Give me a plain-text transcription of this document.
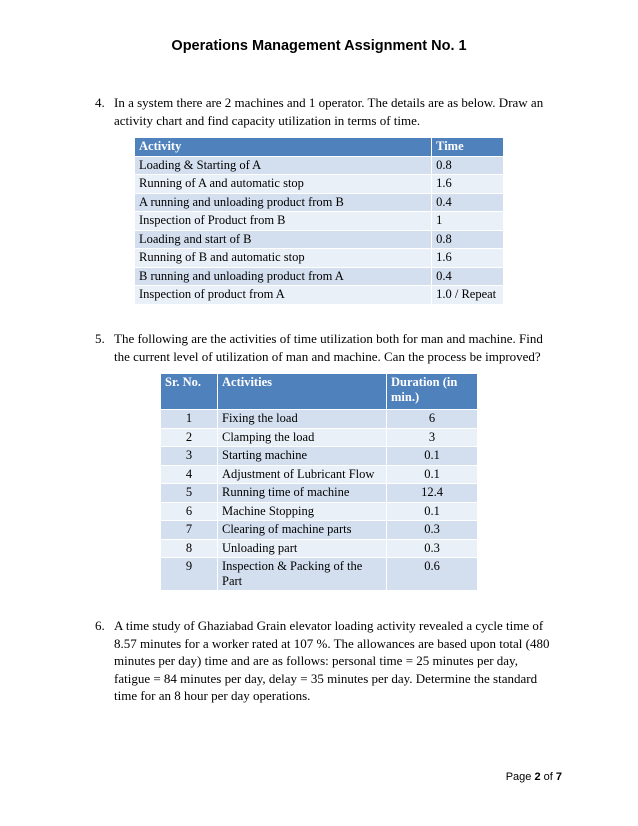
Operations Management Assignment No. 1
4. In a system there are 2 machines and 1 operator. The details are as below. Draw an activity chart and find capacity utilization in terms of time.
Activity	Time
Loading & Starting of A	0.8
Running of A and automatic stop	1.6
A running and unloading product from B	0.4
Inspection of Product from B	1
Loading and start of B	0.8
Running of B and automatic stop	1.6
B running and unloading product from A	0.4
Inspection of product from A	1.0 / Repeat
5. The following are the activities of time utilization both for man and machine. Find the current level of utilization of man and machine. Can the process be improved?
Sr. No.	Activities	Duration (in min.)
1	Fixing the load	6
2	Clamping the load	3
3	Starting machine	0.1
4	Adjustment of Lubricant Flow	0.1
5	Running time of machine	12.4
6	Machine Stopping	0.1
7	Clearing of machine parts	0.3
8	Unloading part	0.3
9	Inspection & Packing of the Part	0.6
6. A time study of Ghaziabad Grain elevator loading activity revealed a cycle time of 8.57 minutes for a worker rated at 107 %. The allowances are based upon total (480 minutes per day) time and are as follows: personal time = 25 minutes per day, fatigue = 84 minutes per day, delay = 35 minutes per day. Determine the standard time for an 8 hour per day operations.
Page 2 of 7
